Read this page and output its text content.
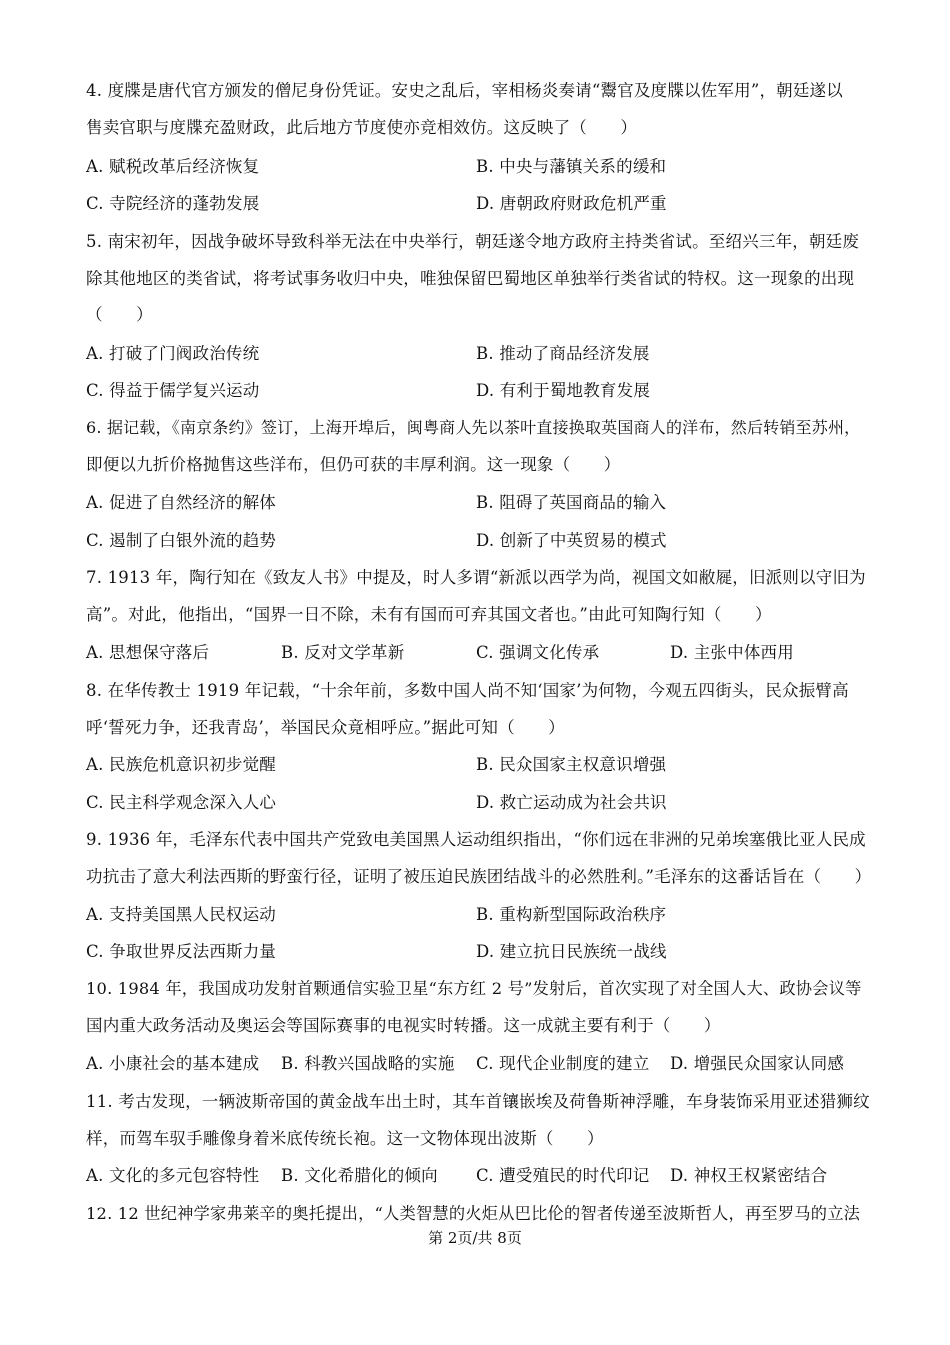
4. 度牒是唐代官方颁发的僧尼身份凭证。安史之乱后，宰相杨炎奏请“鬻官及度牒以佐军用”，朝廷遂以
售卖官职与度牒充盈财政，此后地方节度使亦竞相效仿。这反映了（　　）
A. 赋税改革后经济恢复	B. 中央与藩镇关系的缓和
C. 寺院经济的蓬勃发展	D. 唐朝政府财政危机严重
5. 南宋初年，因战争破坏导致科举无法在中央举行，朝廷遂令地方政府主持类省试。至绍兴三年，朝廷废
除其他地区的类省试，将考试事务收归中央，唯独保留巴蜀地区单独举行类省试的特权。这一现象的出现
（　　）
A. 打破了门阀政治传统	B. 推动了商品经济发展
C. 得益于儒学复兴运动	D. 有利于蜀地教育发展
6. 据记载，《南京条约》签订，上海开埠后，闽粤商人先以茶叶直接换取英国商人的洋布，然后转销至苏州，
即便以九折价格抛售这些洋布，但仍可获的丰厚利润。这一现象（　　）
A. 促进了自然经济的解体	B. 阻碍了英国商品的输入
C. 遏制了白银外流的趋势	D. 创新了中英贸易的模式
7. 1913 年，陶行知在《致友人书》中提及，时人多谓“新派以西学为尚，视国文如敝屣，旧派则以守旧为
高”。对此，他指出，“国界一日不除，未有有国而可弃其国文者也。”由此可知陶行知（　　）
A. 思想保守落后	B. 反对文学革新	C. 强调文化传承	D. 主张中体西用
8. 在华传教士 1919 年记载，“十余年前，多数中国人尚不知‘国家’为何物，今观五四街头，民众振臂高
呼‘誓死力争，还我青岛’，举国民众竟相呼应。”据此可知（　　）
A. 民族危机意识初步觉醒	B. 民众国家主权意识增强
C. 民主科学观念深入人心	D. 救亡运动成为社会共识
9. 1936 年，毛泽东代表中国共产党致电美国黑人运动组织指出，“你们远在非洲的兄弟埃塞俄比亚人民成
功抗击了意大利法西斯的野蛮行径，证明了被压迫民族团结战斗的必然胜利。”毛泽东的这番话旨在（　　）
A. 支持美国黑人民权运动	B. 重构新型国际政治秩序
C. 争取世界反法西斯力量	D. 建立抗日民族统一战线
10. 1984 年，我国成功发射首颗通信实验卫星“东方红 2 号”发射后，首次实现了对全国人大、政协会议等
国内重大政务活动及奥运会等国际赛事的电视实时转播。这一成就主要有利于（　　）
A. 小康社会的基本建成 B. 科教兴国战略的实施 C. 现代企业制度的建立 D. 增强民众国家认同感
11. 考古发现，一辆波斯帝国的黄金战车出土时，其车首镶嵌埃及荷鲁斯神浮雕，车身装饰采用亚述猎狮纹
样，而驾车驭手雕像身着米底传统长袍。这一文物体现出波斯（　　）
A. 文化的多元包容特性 B. 文化希腊化的倾向 C. 遭受殖民的时代印记 D. 神权王权紧密结合
12. 12 世纪神学家弗莱辛的奥托提出，“人类智慧的火炬从巴比伦的智者传递至波斯哲人，再至罗马的立法
第 2页/共 8页
